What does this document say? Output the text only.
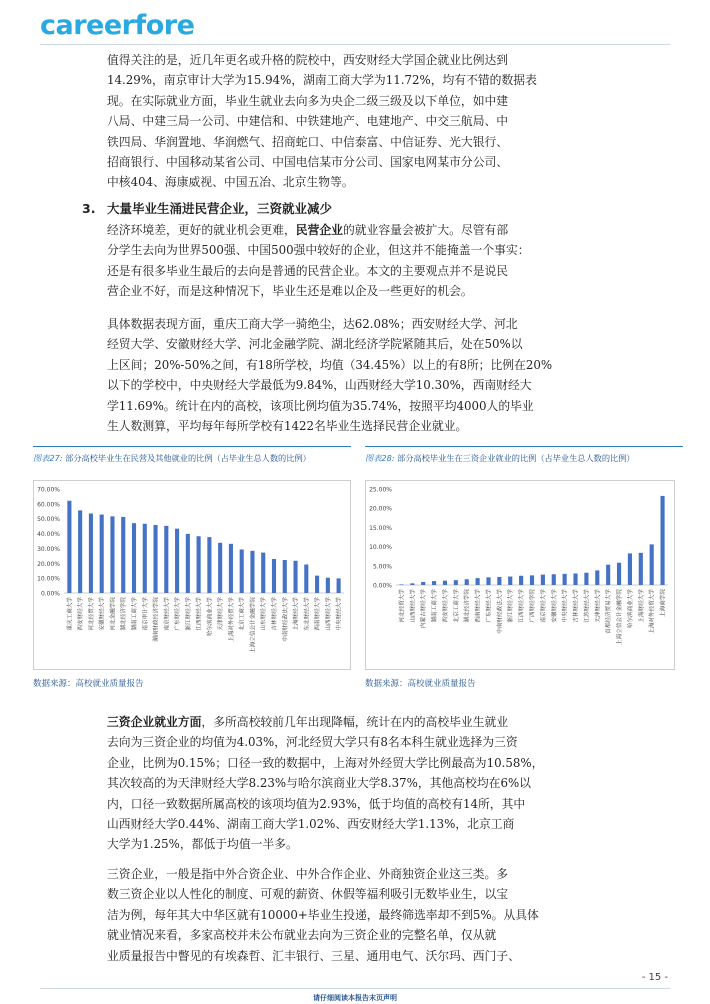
careerfore
值得关注的是，近几年更名或升格的院校中，西安财经大学国企就业比例达到
14.29%，南京审计大学为15.94%，湖南工商大学为11.72%，均有不错的数据表
现。在实际就业方面，毕业生就业去向多为央企二级三级及以下单位，如中建
八局、中建三局一公司、中建信和、中铁建地产、电建地产、中交三航局、中
铁四局、华润置地、华润燃气、招商蛇口、中信泰富、中信证券、光大银行、
招商银行、中国移动某省公司、中国电信某市分公司、国家电网某市分公司、
中核404、海康威视、中国五冶、北京生物等。
3. 大量毕业生涌进民营企业，三资就业减少
经济环境差，更好的就业机会更难，民营企业的就业容量会被扩大。尽管有部
分学生去向为世界500强、中国500强中较好的企业，但这并不能掩盖一个事实：
还是有很多毕业生最后的去向是普通的民营企业。本文的主要观点并不是说民
营企业不好，而是这种情况下，毕业生还是难以企及一些更好的机会。
具体数据表现方面，重庆工商大学一骑绝尘，达62.08%；西安财经大学、河北
经贸大学、安徽财经大学、河北金融学院、湖北经济学院紧随其后，处在50%以
上区间；20%-50%之间，有18所学校，均值（34.45%）以上的有8所；比例在20%
以下的学校中，中央财经大学最低为9.84%，山西财经大学10.30%，西南财经大
学11.69%。统计在内的高校，该项比例均值为35.74%，按照平均4000人的毕业
生人数测算，平均每年每所学校有1422名毕业生选择民营企业就业。
图表27: 部分高校毕业生在民营及其他就业的比例（占毕业生总人数的比例）
0.00%
10.00%
20.00%
30.00%
40.00%
50.00%
60.00%
70.00%
重庆工商大学 西安财经大学 河北经贸大学 安徽财经大学 河北金融学院 湖北经济学院 湖南工商大学 南京审计大学 湖南财政经济学院 南京财经大学 广东财经大学 浙江财经大学 江西财经大学 哈尔滨商业大学 天津财经大学 上海对外经贸大学 北京工商大学 上海立信会计金融学院 山东财经大学 吉林财经大学 中南财经政法大学 上海财经大学 东北财经大学 西南财经大学 山西财经大学 中央财经大学
数据来源：高校就业质量报告
图表28: 部分高校毕业生在三资企业就业的比例（占毕业生总人数的比例）
0.00%
5.00%
10.00%
15.00%
20.00%
25.00%
河北经贸大学 山西财经大学 内蒙古财经大学 湖南工商大学 西安财经大学 北京工商大学 湖北经济学院 西南财经大学 广东财经大学 中南财经政法大学 浙江财经大学 江西财经大学 广西财经学院 南京财经大学 安徽财经大学 中央财经大学 吉林财经大学 江苏财经大学 天津财经大学 首都经济贸易大学 上海立信会计金融学院 哈尔滨商业大学 上海财经大学 上海对外经贸大学 上海商学院
数据来源：高校就业质量报告
三资企业就业方面，多所高校较前几年出现降幅，统计在内的高校毕业生就业
去向为三资企业的均值为4.03%，河北经贸大学只有8名本科生就业选择为三资
企业，比例为0.15%；口径一致的数据中，上海对外经贸大学比例最高为10.58%，
其次较高的为天津财经大学8.23%与哈尔滨商业大学8.37%，其他高校均在6%以
内，口径一致数据所属高校的该项均值为2.93%，低于均值的高校有14所，其中
山西财经大学0.44%、湖南工商大学1.02%、西安财经大学1.13%，北京工商
大学为1.25%，都低于均值一半多。
三资企业，一般是指中外合资企业、中外合作企业、外商独资企业这三类。多
数三资企业以人性化的制度、可观的薪资、休假等福利吸引无数毕业生，以宝
洁为例，每年其大中华区就有10000+毕业生投递，最终筛选率却不到5%。从具体
就业情况来看，多家高校并未公布就业去向为三资企业的完整名单，仅从就
业质量报告中瞥见的有埃森哲、汇丰银行、三星、通用电气、沃尔玛、西门子、
- 15 -
请仔细阅读本报告末页声明
